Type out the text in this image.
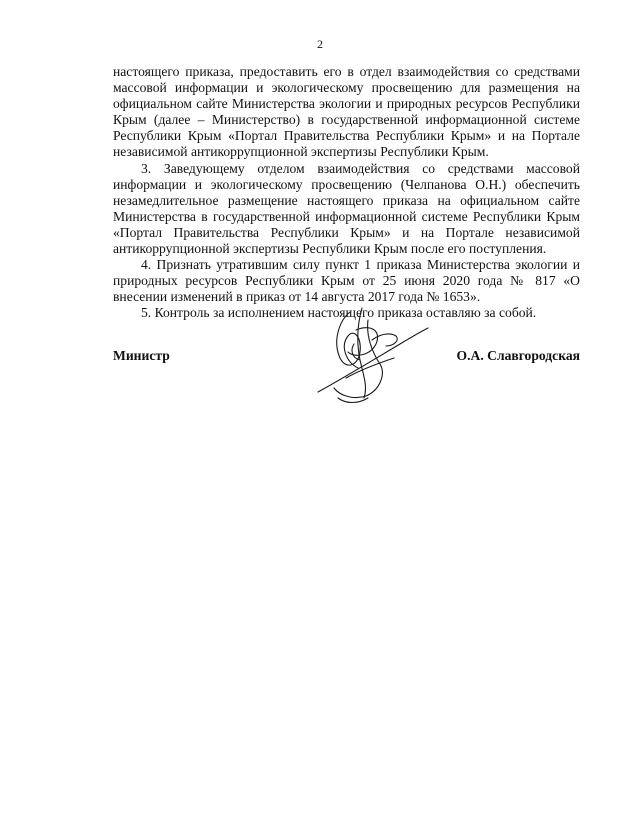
2

настоящего приказа, предоставить его в отдел взаимодействия со средствами массовой информации и экологическому просвещению для размещения на официальном сайте Министерства экологии и природных ресурсов Республики Крым (далее – Министерство) в государственной информационной системе Республики Крым «Портал Правительства Республики Крым» и на Портале независимой антикоррупционной экспертизы Республики Крым.

3. Заведующему отделом взаимодействия со средствами массовой информации и экологическому просвещению (Челпанова О.Н.) обеспечить незамедлительное размещение настоящего приказа на официальном сайте Министерства в государственной информационной системе Республики Крым «Портал Правительства Республики Крым» и на Портале независимой антикоррупционной экспертизы Республики Крым после его поступления.

4. Признать утратившим силу пункт 1 приказа Министерства экологии и природных ресурсов Республики Крым от 25 июня 2020 года № 817 «О внесении изменений в приказ от 14 августа 2017 года № 1653».

5. Контроль за исполнением настоящего приказа оставляю за собой.

Министр	О.А. Славгородская
